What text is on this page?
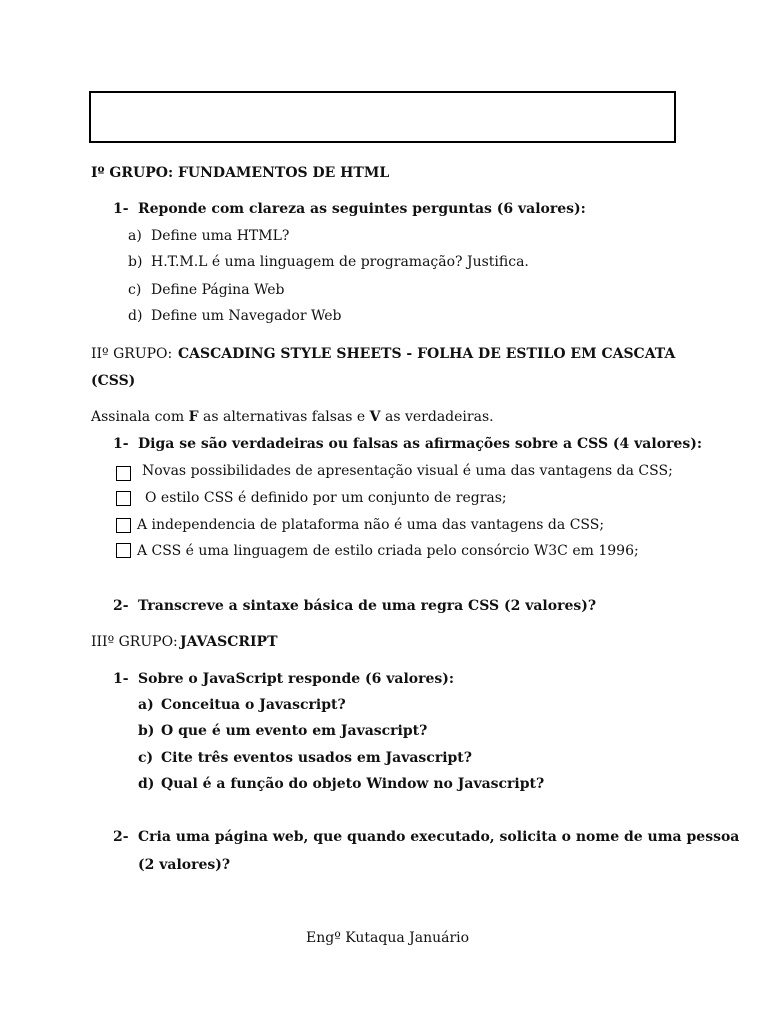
Iº GRUPO: FUNDAMENTOS DE HTML
1- Reponde com clareza as seguintes perguntas (6 valores):
a) Define uma HTML?
b) H.T.M.L é uma linguagem de programação? Justifica.
c) Define Página Web
d) Define um Navegador Web
IIº GRUPO: CASCADING STYLE SHEETS - FOLHA DE ESTILO EM CASCATA
(CSS)
Assinala com F as alternativas falsas e V as verdadeiras.
1- Diga se são verdadeiras ou falsas as afirmações sobre a CSS (4 valores):
Novas possibilidades de apresentação visual é uma das vantagens da CSS;
O estilo CSS é definido por um conjunto de regras;
A independencia de plataforma não é uma das vantagens da CSS;
A CSS é uma linguagem de estilo criada pelo consórcio W3C em 1996;
2- Transcreve a sintaxe básica de uma regra CSS (2 valores)?
IIIº GRUPO: JAVASCRIPT
1- Sobre o JavaScript responde (6 valores):
a) Conceitua o Javascript?
b) O que é um evento em Javascript?
c) Cite três eventos usados em Javascript?
d) Qual é a função do objeto Window no Javascript?
2- Cria uma página web, que quando executado, solicita o nome de uma pessoa
(2 valores)?
Engº Kutaqua Januário
